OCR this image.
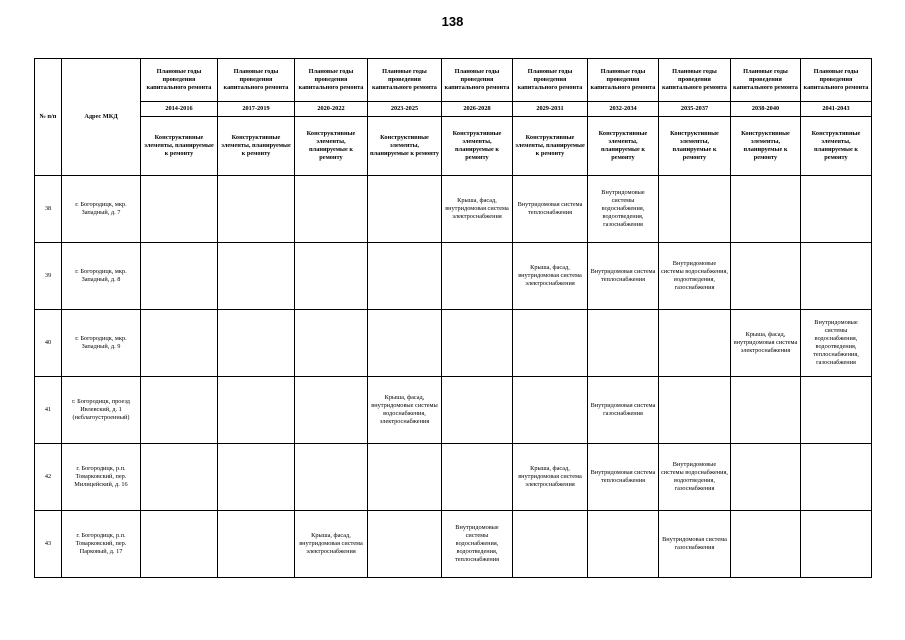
138
№ п/п	Адрес МКД	Плановые годы проведения капитального ремонта	Плановые годы проведения капитального ремонта	Плановые годы проведения капитального ремонта	Плановые годы проведения капитального ремонта	Плановые годы проведения капитального ремонта	Плановые годы проведения капитального ремонта	Плановые годы проведения капитального ремонта	Плановые годы проведения капитального ремонта	Плановые годы проведения капитального ремонта	Плановые годы проведения капитального ремонта
		2014-2016	2017-2019	2020-2022	2023-2025	2026-2028	2029-2031	2032-2034	2035-2037	2038-2040	2041-2043
		Конструктивные элементы, планируемые к ремонту	Конструктивные элементы, планируемые к ремонту	Конструктивные элементы, планируемые к ремонту	Конструктивные элементы, планируемые к ремонту	Конструктивные элементы, планируемые к ремонту	Конструктивные элементы, планируемые к ремонту	Конструктивные элементы, планируемые к ремонту	Конструктивные элементы, планируемые к ремонту	Конструктивные элементы, планируемые к ремонту	Конструктивные элементы, планируемые к ремонту
38	г. Богородицк, мкр. Западный, д. 7					Крыша, фасад, внутридомовая система электроснабжения	Внутридомовая система теплоснабжения	Внутридомовые системы водоснабжения, водоотведения, газоснабжения			
39	г. Богородицк, мкр. Западный, д. 8						Крыша, фасад, внутридомовая система электроснабжения	Внутридомовая система теплоснабжения	Внутридомовые системы водоснабжения, водоотведения, газоснабжения		
40	г. Богородицк, мкр. Западный, д. 9									Крыша, фасад, внутридомовая система электроснабжения	Внутридомовые системы водоснабжения, водоотведения, теплоснабжения, газоснабжения
41	г. Богородицк, проезд Ивлевский, д. 1 (неблагоустроенный)				Крыша, фасад, внутридомовые системы водоснабжения, электроснабжения			Внутридомовая система газоснабжения			
42	г. Богородицк, р.п. Товарковский, пер. Милицейский, д. 16						Крыша, фасад, внутридомовая система электроснабжения	Внутридомовая система теплоснабжения	Внутридомовые системы водоснабжения, водоотведения, газоснабжения		
43	г. Богородицк, р.п. Товарковский, пер. Парковый, д. 17			Крыша, фасад, внутридомовая система электроснабжения		Внутридомовые системы водоснабжения, водоотведения, теплоснабжения			Внутридомовая система газоснабжения		
